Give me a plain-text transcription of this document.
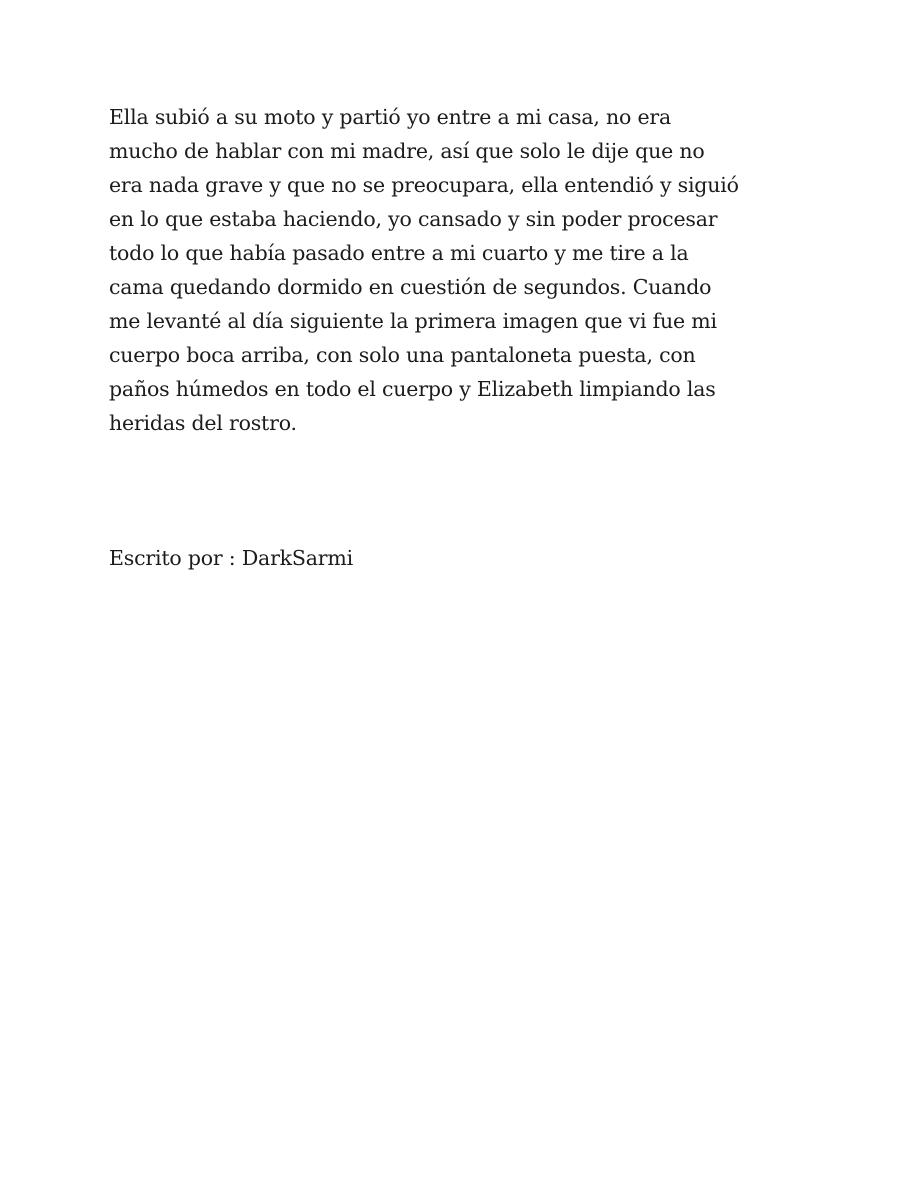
Ella subió a su moto y partió yo entre a mi casa, no era
mucho de hablar con mi madre, así que solo le dije que no
era nada grave y que no se preocupara, ella entendió y siguió
en lo que estaba haciendo, yo cansado y sin poder procesar
todo lo que había pasado entre a mi cuarto y me tire a la
cama quedando dormido en cuestión de segundos. Cuando
me levanté al día siguiente la primera imagen que vi fue mi
cuerpo boca arriba, con solo una pantaloneta puesta, con
paños húmedos en todo el cuerpo y Elizabeth limpiando las
heridas del rostro.

Escrito por : DarkSarmi
